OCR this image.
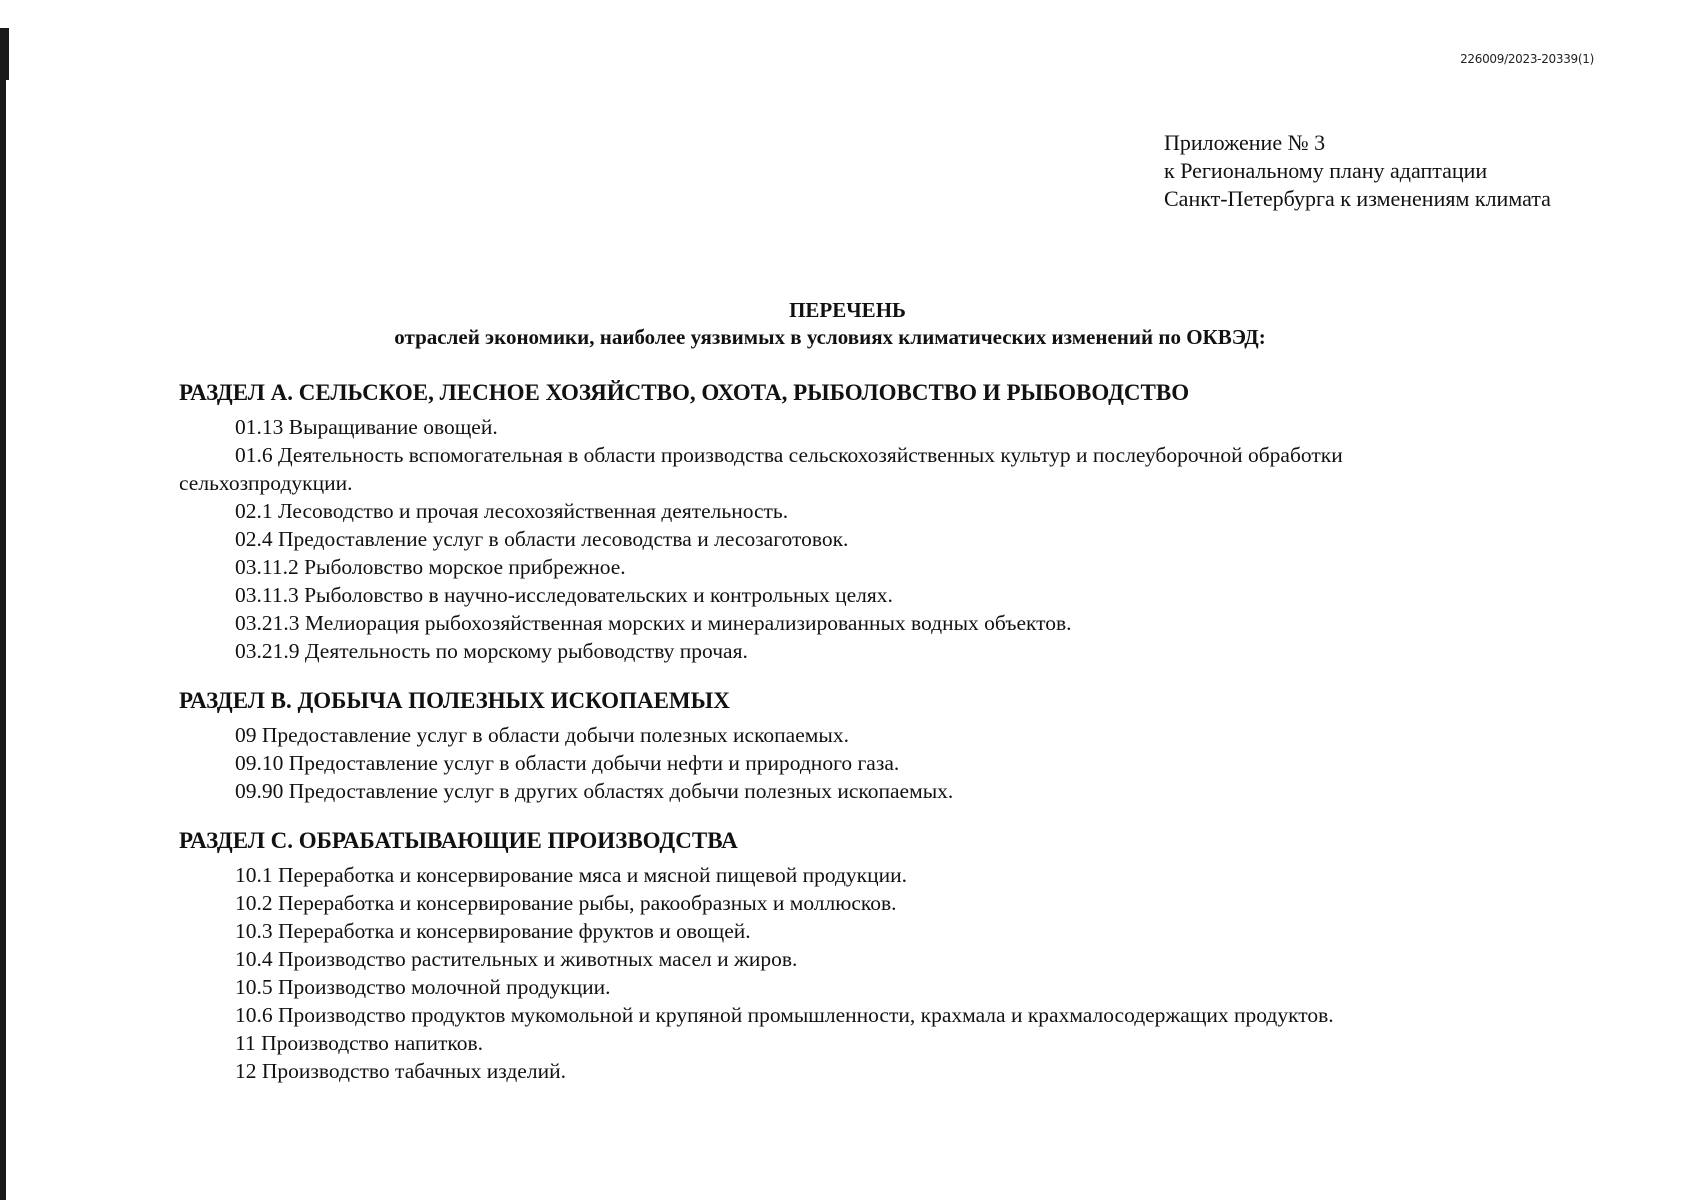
226009/2023-20339(1)
Приложение № 3
к Региональному плану адаптации
Санкт-Петербурга к изменениям климата
ПЕРЕЧЕНЬ
отраслей экономики, наиболее уязвимых в условиях климатических изменений по ОКВЭД:
РАЗДЕЛ А. СЕЛЬСКОЕ, ЛЕСНОЕ ХОЗЯЙСТВО, ОХОТА, РЫБОЛОВСТВО И РЫБОВОДСТВО
01.13 Выращивание овощей.
01.6 Деятельность вспомогательная в области производства сельскохозяйственных культур и послеуборочной обработки сельхозпродукции.
02.1 Лесоводство и прочая лесохозяйственная деятельность.
02.4 Предоставление услуг в области лесоводства и лесозаготовок.
03.11.2 Рыболовство морское прибрежное.
03.11.3 Рыболовство в научно-исследовательских и контрольных целях.
03.21.3 Мелиорация рыбохозяйственная морских и минерализированных водных объектов.
03.21.9 Деятельность по морскому рыбоводству прочая.
РАЗДЕЛ В. ДОБЫЧА ПОЛЕЗНЫХ ИСКОПАЕМЫХ
09 Предоставление услуг в области добычи полезных ископаемых.
09.10 Предоставление услуг в области добычи нефти и природного газа.
09.90 Предоставление услуг в других областях добычи полезных ископаемых.
РАЗДЕЛ С. ОБРАБАТЫВАЮЩИЕ ПРОИЗВОДСТВА
10.1 Переработка и консервирование мяса и мясной пищевой продукции.
10.2 Переработка и консервирование рыбы, ракообразных и моллюсков.
10.3 Переработка и консервирование фруктов и овощей.
10.4 Производство растительных и животных масел и жиров.
10.5 Производство молочной продукции.
10.6 Производство продуктов мукомольной и крупяной промышленности, крахмала и крахмалосодержащих продуктов.
11 Производство напитков.
12 Производство табачных изделий.
